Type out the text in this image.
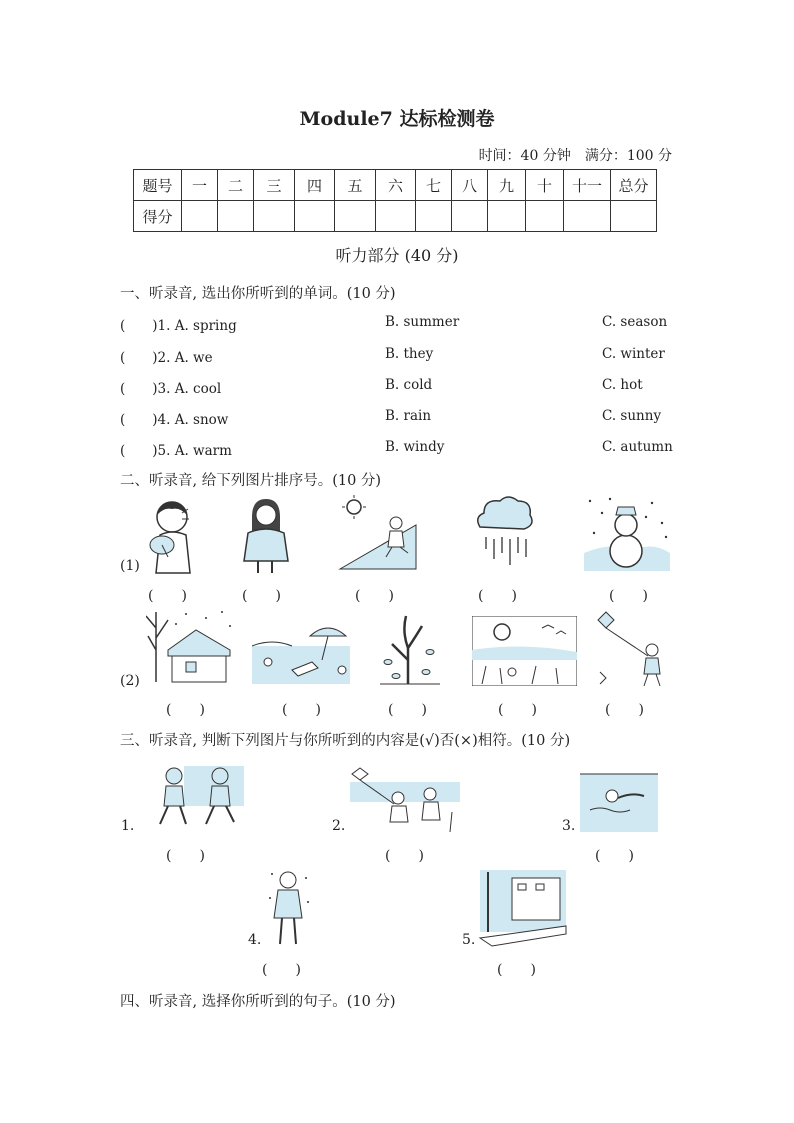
Module7 达标检测卷
时间：40 分钟　满分：100 分
题号	一	二	三	四	五	六	七	八	九	十	十一	总分
得分												
听力部分 (40 分)
一、听录音, 选出你所听到的单词。(10 分)
(　　)1. A. spring	B. summer	C. season
(　　)2. A. we	B. they	C. winter
(　　)3. A. cool	B. cold	C. hot
(　　)4. A. snow	B. rain	C. sunny
(　　)5. A. warm	B. windy	C. autumn
二、听录音, 给下列图片排序号。(10 分)
(1)
(　　)	(　　)	(　　)	(　　)	(　　)
(2)
(　　)	(　　)	(　　)	(　　)	(　　)
三、听录音, 判断下列图片与你所听到的内容是(√)否(×)相符。(10 分)
1.
(　　)
2.
(　　)
3.
(　　)
4.
(　　)
5.
(　　)
四、听录音, 选择你所听到的句子。(10 分)
